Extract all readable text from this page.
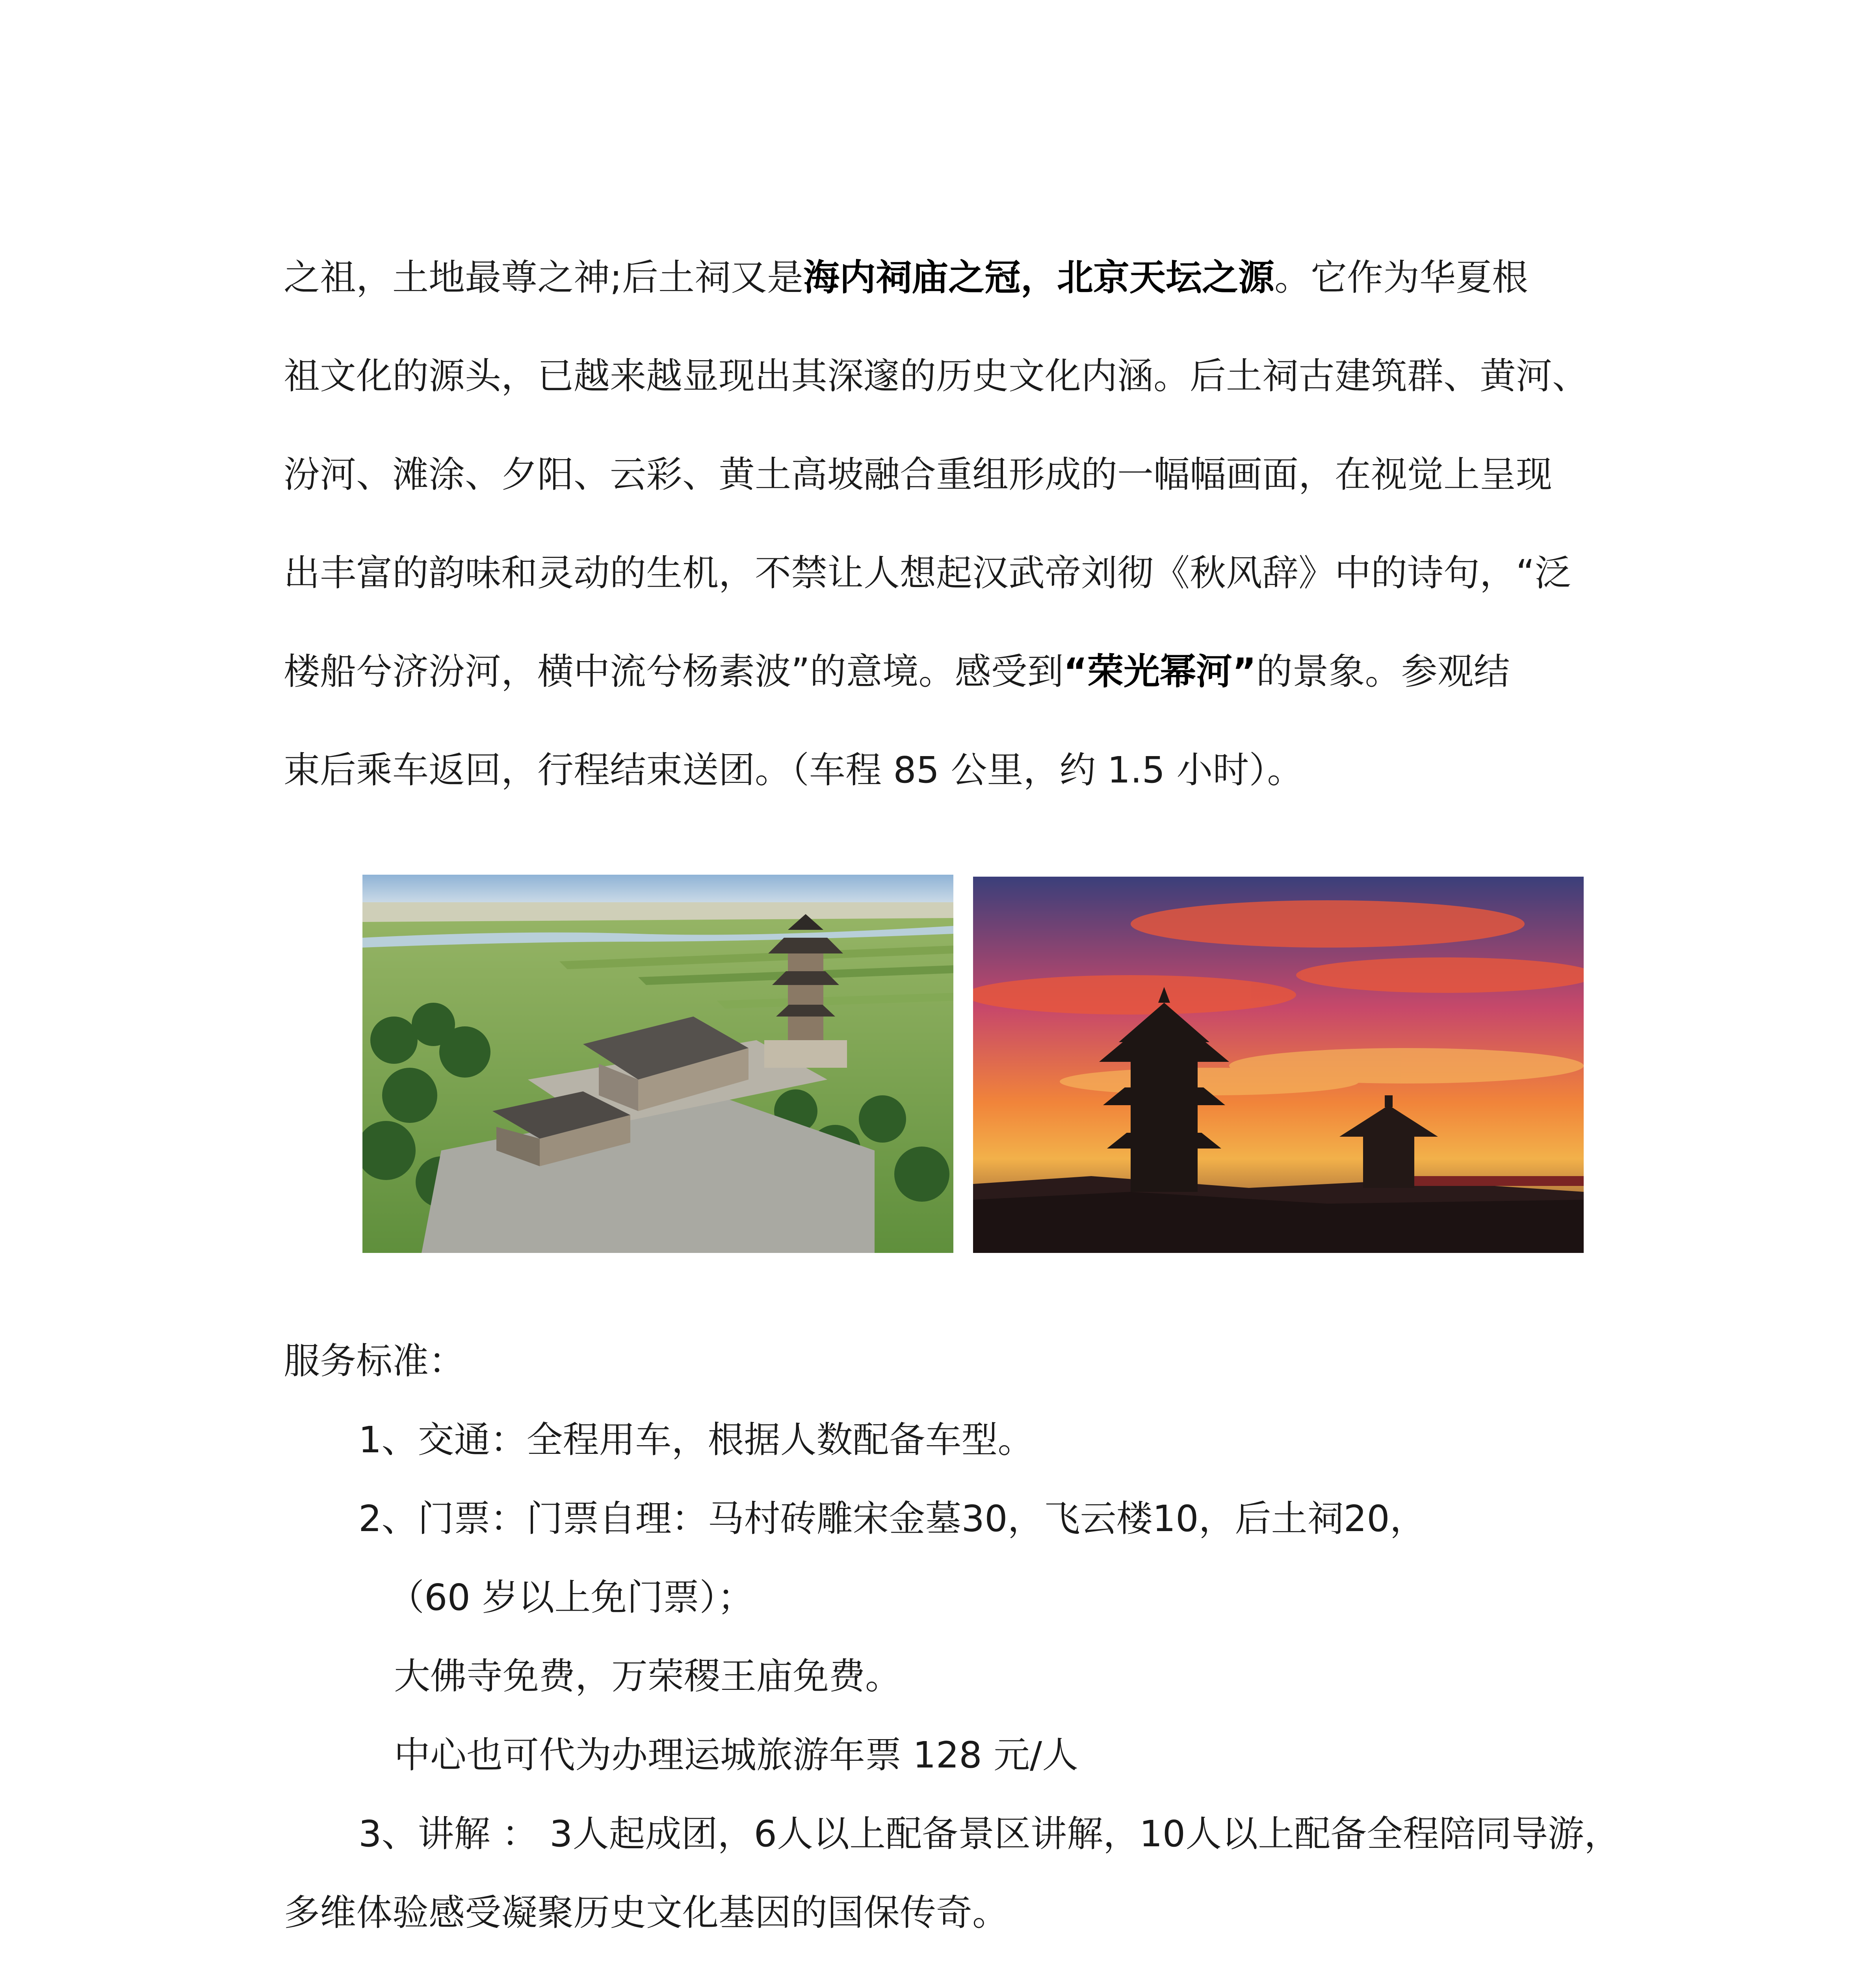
之祖，土地最尊之神;后土祠又是海内祠庙之冠，北京天坛之源。它作为华夏根
祖文化的源头，已越来越显现出其深邃的历史文化内涵。后土祠古建筑群、黄河、
汾河、滩涂、夕阳、云彩、黄土高坡融合重组形成的一幅幅画面，在视觉上呈现
出丰富的韵味和灵动的生机，不禁让人想起汉武帝刘彻《秋风辞》中的诗句，“泛
楼船兮济汾河，横中流兮杨素波”的意境。感受到“荣光幂河”的景象。参观结
束后乘车返回，行程结束送团。（车程 85 公里，约 1.5 小时）。

服务标准：

1、交通：全程用车，根据人数配备车型。

2、门票：门票自理：马村砖雕宋金墓30，飞云楼10，后土祠20，

（60 岁以上免门票）；

大佛寺免费，万荣稷王庙免费。

中心也可代为办理运城旅游年票 128 元/人

3、讲解 ： 3人起成团，6人以上配备景区讲解，10人以上配备全程陪同导游，

多维体验感受凝聚历史文化基因的国保传奇。
